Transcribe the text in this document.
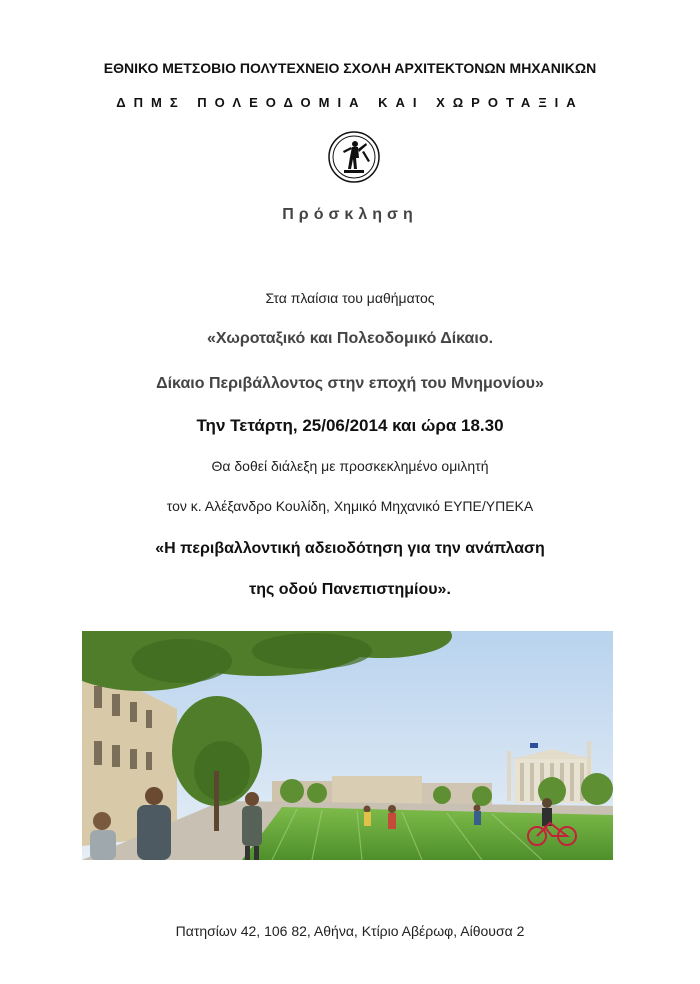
ΕΘΝΙΚΟ ΜΕΤΣΟΒΙΟ ΠΟΛΥΤΕΧΝΕΙΟ ΣΧΟΛΗ ΑΡΧΙΤΕΚΤΟΝΩΝ ΜΗΧΑΝΙΚΩΝ
ΔΠΜΣ ΠΟΛΕΟΔΟΜΙΑ ΚΑΙ ΧΩΡΟΤΑΞΙΑ
Πρόσκληση
Στα πλαίσια του μαθήματος
«Χωροταξικό και Πολεοδομικό Δίκαιο.
Δίκαιο Περιβάλλοντος στην εποχή του Μνημονίου»
Την Τετάρτη, 25/06/2014 και ώρα 18.30
Θα δοθεί διάλεξη με προσκεκλημένο ομιλητή
τον κ. Αλέξανδρο Κουλίδη, Χημικό Μηχανικό ΕΥΠΕ/ΥΠΕΚΑ
«Η περιβαλλοντική αδειοδότηση για την ανάπλαση
της οδού Πανεπιστημίου».
Πατησίων 42, 106 82, Αθήνα, Κτίριο Αβέρωφ, Αίθουσα 2
